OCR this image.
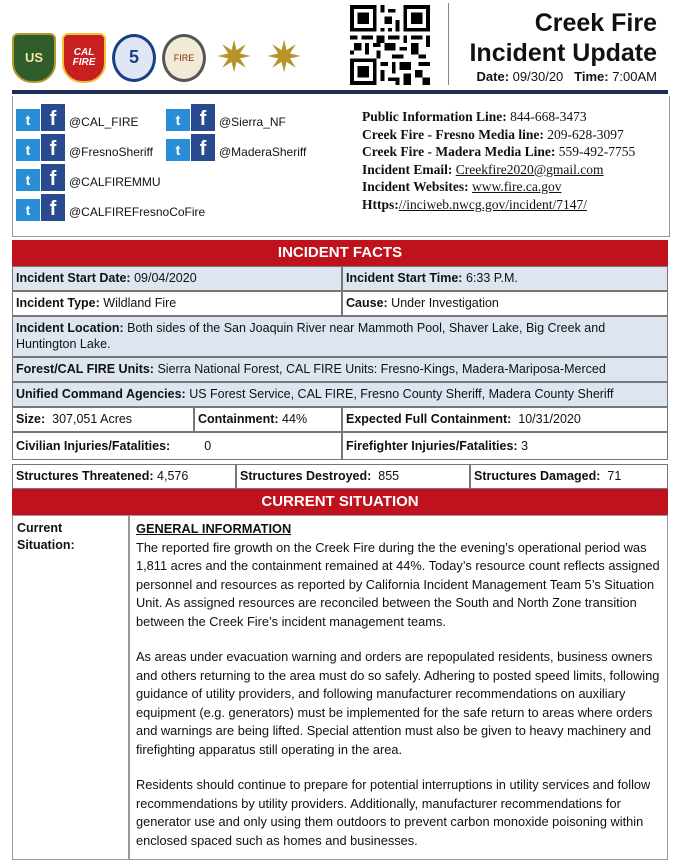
US	CAL FIRE	5	FIRE ✷ ✷
Creek Fire
Incident Update
Date: 09/30/20 Time: 7:00AM
t f	@CAL_FIRE	t f	@Sierra_NF
t f	@FresnoSheriff	t f	@MaderaSheriff
t f	@CALFIREMMU
t f	@CALFIREFresnoCoFire
Public Information Line: 844-668-3473
Creek Fire - Fresno Media line: 209-628-3097
Creek Fire - Madera Media Line: 559-492-7755
Incident Email: Creekfire2020@gmail.com
Incident Websites: www.fire.ca.gov
Https://inciweb.nwcg.gov/incident/7147/
INCIDENT FACTS
Incident Start Date: 09/04/2020	Incident Start Time: 6:33 P.M.
Incident Type: Wildland Fire	Cause: Under Investigation
Incident Location: Both sides of the San Joaquin River near Mammoth Pool, Shaver Lake, Big Creek and Huntington Lake.
Forest/CAL FIRE Units: Sierra National Forest, CAL FIRE Units: Fresno-Kings, Madera-Mariposa-Merced
Unified Command Agencies: US Forest Service, CAL FIRE, Fresno County Sheriff, Madera County Sheriff
Size: 307,051 Acres	Containment: 44%	Expected Full Containment: 10/31/2020
Civilian Injuries/Fatalities:	0	Firefighter Injuries/Fatalities: 3
Structures Threatened: 4,576	Structures Destroyed: 855	Structures Damaged: 71
CURRENT SITUATION
Current
Situation:
GENERAL INFORMATION

The reported fire growth on the Creek Fire during the the evening’s operational period was 1,811 acres and the containment remained at 44%. Today’s resource count reflects assigned personnel and resources as reported by California Incident Management Team 5’s Situation Unit. As assigned resources are reconciled between the South and North Zone transition between the Creek Fire’s incident management teams.

As areas under evacuation warning and orders are repopulated residents, business owners and others returning to the area must do so safely. Adhering to posted speed limits, following guidance of utility providers, and following manufacturer recommendations on auxiliary equipment (e.g. generators) must be implemented for the safe return to areas where orders and warnings are being lifted. Special attention must also be given to heavy machinery and firefighting apparatus still operating in the area.

Residents should continue to prepare for potential interruptions in utility services and follow recommendations by utility providers. Additionally, manufacturer recommendations for generator use and only using them outdoors to prevent carbon monoxide poisoning within enclosed spaced such as homes and businesses.
